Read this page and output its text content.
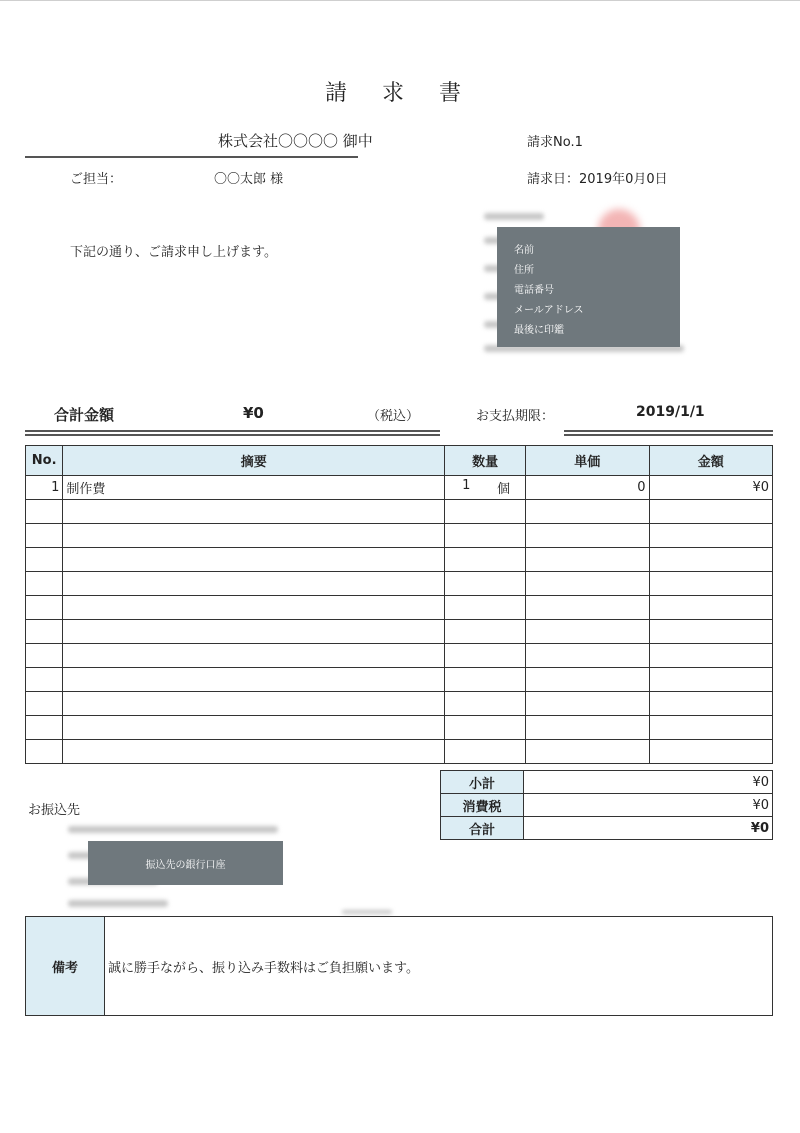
請 求 書
株式会社〇〇〇〇 御中
ご担当：	〇〇太郎 様
請求No.1
請求日：2019年0月0日
下記の通り、ご請求申し上げます。	名前
住所
電話番号
メールアドレス
最後に印鑑
合計金額	¥0	（税込）	お支払期限：	2019/1/1
No.	摘要	数量	単価	金額
1	制作費	1 個	0	¥0

小計	¥0
消費税	¥0
合計	¥0
お振込先
振込先の銀行口座
備考	誠に勝手ながら、振り込み手数料はご負担願います。
